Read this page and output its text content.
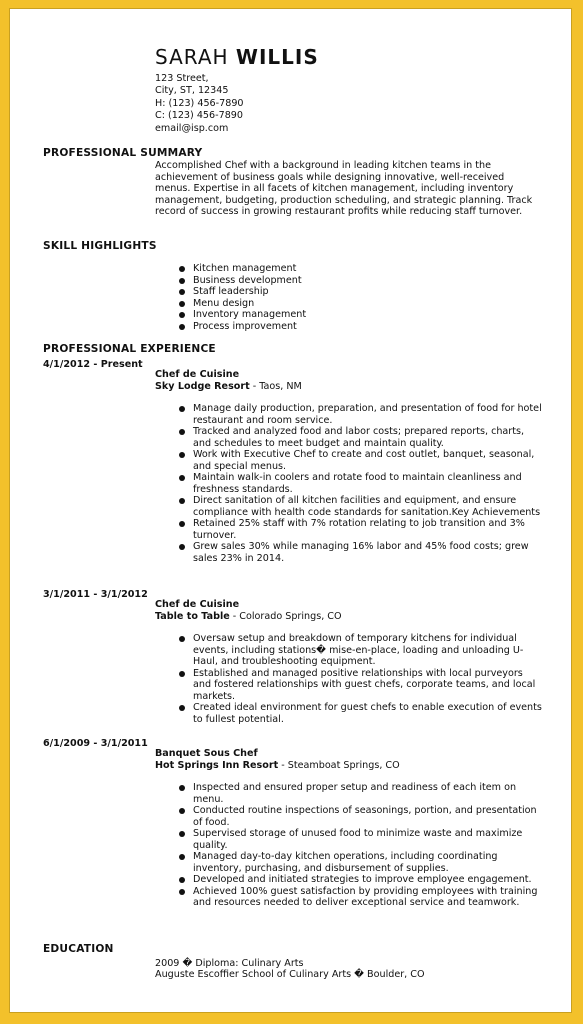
SARAH WILLIS
123 Street,
City, ST, 12345
H: (123) 456-7890
C: (123) 456-7890
email@isp.com
PROFESSIONAL SUMMARY
Accomplished Chef with a background in leading kitchen teams in the achievement of business goals while designing innovative, well-received menus. Expertise in all facets of kitchen management, including inventory management, budgeting, production scheduling, and strategic planning. Track record of success in growing restaurant profits while reducing staff turnover.
SKILL HIGHLIGHTS
Kitchen management
Business development
Staff leadership
Menu design
Inventory management
Process improvement
PROFESSIONAL EXPERIENCE
4/1/2012 - Present
Chef de Cuisine
Sky Lodge Resort - Taos, NM
Manage daily production, preparation, and presentation of food for hotel restaurant and room service.
Tracked and analyzed food and labor costs; prepared reports, charts, and schedules to meet budget and maintain quality.
Work with Executive Chef to create and cost outlet, banquet, seasonal, and special menus.
Maintain walk-in coolers and rotate food to maintain cleanliness and freshness standards.
Direct sanitation of all kitchen facilities and equipment, and ensure compliance with health code standards for sanitation.Key Achievements
Retained 25% staff with 7% rotation relating to job transition and 3% turnover.
Grew sales 30% while managing 16% labor and 45% food costs; grew sales 23% in 2014.
3/1/2011 - 3/1/2012
Chef de Cuisine
Table to Table - Colorado Springs, CO
Oversaw setup and breakdown of temporary kitchens for individual events, including stations� mise-en-place, loading and unloading U-Haul, and troubleshooting equipment.
Established and managed positive relationships with local purveyors and fostered relationships with guest chefs, corporate teams, and local markets.
Created ideal environment for guest chefs to enable execution of events to fullest potential.
6/1/2009 - 3/1/2011
Banquet Sous Chef
Hot Springs Inn Resort - Steamboat Springs, CO
Inspected and ensured proper setup and readiness of each item on menu.
Conducted routine inspections of seasonings, portion, and presentation of food.
Supervised storage of unused food to minimize waste and maximize quality.
Managed day-to-day kitchen operations, including coordinating inventory, purchasing, and disbursement of supplies.
Developed and initiated strategies to improve employee engagement.
Achieved 100% guest satisfaction by providing employees with training and resources needed to deliver exceptional service and teamwork.
EDUCATION
2009 � Diploma: Culinary Arts
Auguste Escoffier School of Culinary Arts � Boulder, CO
